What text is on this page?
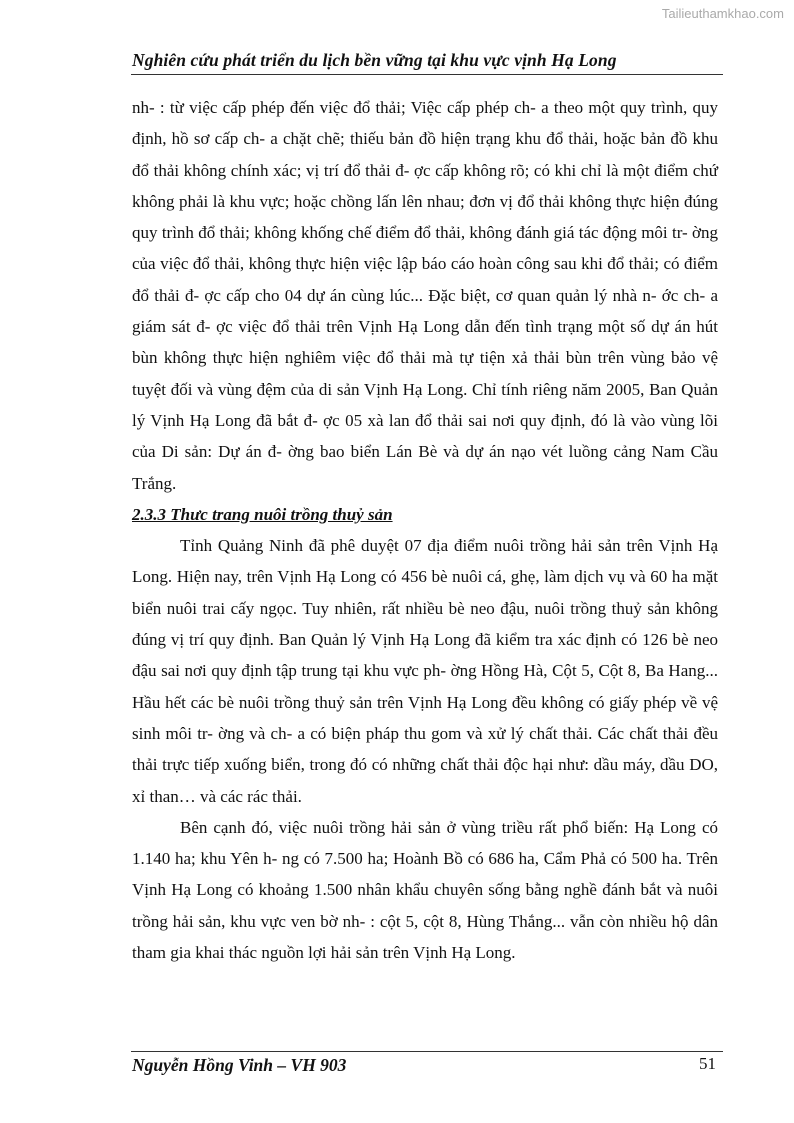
Tailieuthamkhao.com
Nghiên cứu phát triển du lịch bền vững tại khu vực vịnh Hạ Long

nh- : từ việc cấp phép đến việc đổ thải; Việc cấp phép ch- a theo một quy trình, quy định, hồ sơ cấp ch- a chặt chẽ; thiếu bản đồ hiện trạng khu đổ thải, hoặc bản đồ khu đổ thải không chính xác; vị trí đổ thải đ- ợc cấp không rõ; có khi chỉ là một điểm chứ không phải là khu vực; hoặc chồng lấn lên nhau; đơn vị đổ thải không thực hiện đúng quy trình đổ thải; không khống chế điểm đổ thải, không đánh giá tác động môi tr- ờng của việc đổ thải, không thực hiện việc lập báo cáo hoàn công sau khi đổ thải; có điểm đổ thải đ- ợc cấp cho 04 dự án cùng lúc... Đặc biệt, cơ quan quản lý nhà n- ớc ch- a giám sát đ- ợc việc đổ thải trên Vịnh Hạ Long dẫn đến tình trạng một số dự án hút bùn không thực hiện nghiêm việc đổ thải mà tự tiện xả thải bùn trên vùng bảo vệ tuyệt đối và vùng đệm của di sản Vịnh Hạ Long. Chỉ tính riêng năm 2005, Ban Quản lý Vịnh Hạ Long đã bắt đ- ợc 05 xà lan đổ thải sai nơi quy định, đó là vào vùng lõi của Di sản: Dự án đ- ờng bao biển Lán Bè và dự án nạo vét luồng cảng Nam Cầu Trắng.

2.3.3 Thưc trang nuôi trồng thuỷ sản

Tỉnh Quảng Ninh đã phê duyệt 07 địa điểm nuôi trồng hải sản trên Vịnh Hạ Long. Hiện nay, trên Vịnh Hạ Long có 456 bè nuôi cá, ghẹ, làm dịch vụ và 60 ha mặt biển nuôi trai cấy ngọc. Tuy nhiên, rất nhiều bè neo đậu, nuôi trồng thuỷ sản không đúng vị trí quy định. Ban Quản lý Vịnh Hạ Long đã kiểm tra xác định có 126 bè neo đậu sai nơi quy định tập trung tại khu vực ph- ờng Hồng Hà, Cột 5, Cột 8, Ba Hang... Hầu hết các bè nuôi trồng thuỷ sản trên Vịnh Hạ Long đều không có giấy phép về vệ sinh môi tr- ờng và ch- a có biện pháp thu gom và xử lý chất thải. Các chất thải đều thải trực tiếp xuống biển, trong đó có những chất thải độc hại như: dầu máy, dầu DO, xỉ than… và các rác thải.

Bên cạnh đó, việc nuôi trồng hải sản ở vùng triều rất phổ biến: Hạ Long có 1.140 ha; khu Yên h- ng có 7.500 ha; Hoành Bồ có 686 ha, Cẩm Phả có 500 ha. Trên Vịnh Hạ Long có khoảng 1.500 nhân khẩu chuyên sống bằng nghề đánh bắt và nuôi trồng hải sản, khu vực ven bờ nh- : cột 5, cột 8, Hùng Thắng... vẫn còn nhiều hộ dân tham gia khai thác nguồn lợi hải sản trên Vịnh Hạ Long.

Nguyễn Hồng Vinh – VH 903	51
